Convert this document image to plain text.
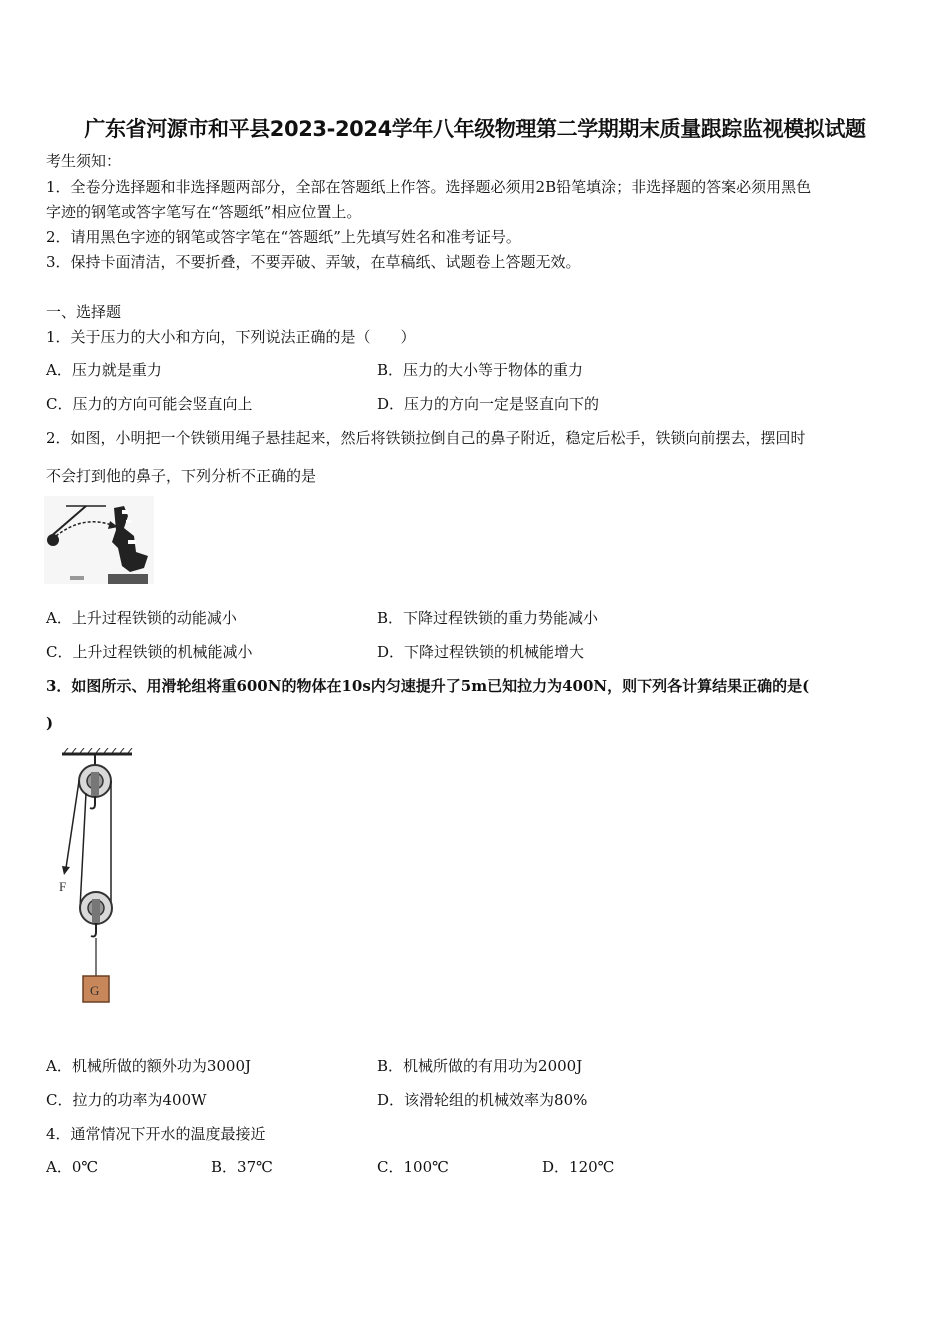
广东省河源市和平县2023-2024学年八年级物理第二学期期末质量跟踪监视模拟试题
考生须知：
1．全卷分选择题和非选择题两部分，全部在答题纸上作答。选择题必须用2B铅笔填涂；非选择题的答案必须用黑色
字迹的钢笔或答字笔写在“答题纸”相应位置上。
2．请用黑色字迹的钢笔或答字笔在“答题纸”上先填写姓名和准考证号。
3．保持卡面清洁，不要折叠，不要弄破、弄皱，在草稿纸、试题卷上答题无效。
一、选择题
1．关于压力的大小和方向，下列说法正确的是（　　）
A．压力就是重力	B．压力的大小等于物体的重力
C．压力的方向可能会竖直向上	D．压力的方向一定是竖直向下的
2．如图，小明把一个铁锁用绳子悬挂起来，然后将铁锁拉倒自己的鼻子附近，稳定后松手，铁锁向前摆去，摆回时
不会打到他的鼻子，下列分析不正确的是
A．上升过程铁锁的动能减小	B．下降过程铁锁的重力势能减小
C．上升过程铁锁的机械能减小	D．下降过程铁锁的机械能增大
3．如图所示、用滑轮组将重600N的物体在10s内匀速提升了5m已知拉力为400N，则下列各计算结果正确的是(
)
F
G
A．机械所做的额外功为3000J	B．机械所做的有用功为2000J
C．拉力的功率为400W	D．该滑轮组的机械效率为80%
4．通常情况下开水的温度最接近
A．0℃	B．37℃	C．100℃	D．120℃
